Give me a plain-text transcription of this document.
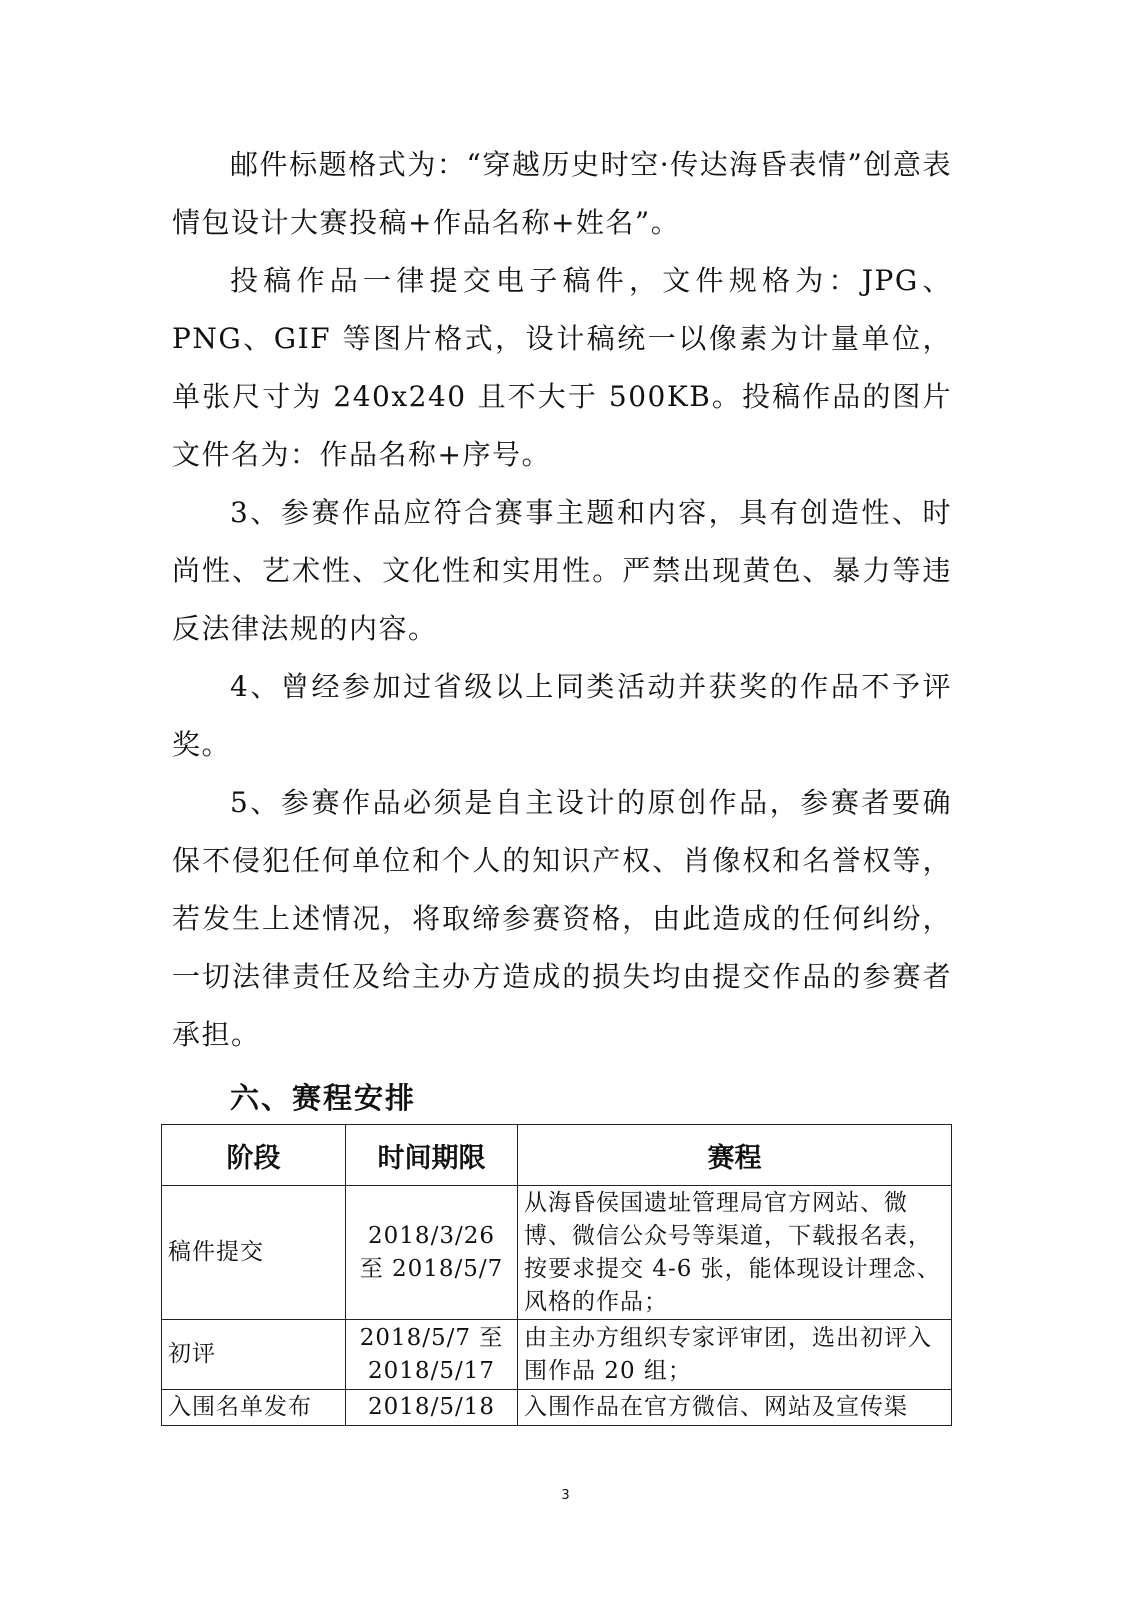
邮件标题格式为：“穿越历史时空·传达海昏表情”创意表情包设计大赛投稿+作品名称+姓名”。

投稿作品一律提交电子稿件，文件规格为：JPG、PNG、GIF 等图片格式，设计稿统一以像素为计量单位，单张尺寸为 240x240 且不大于 500KB。投稿作品的图片文件名为：作品名称+序号。

3、参赛作品应符合赛事主题和内容，具有创造性、时尚性、艺术性、文化性和实用性。严禁出现黄色、暴力等违反法律法规的内容。

4、曾经参加过省级以上同类活动并获奖的作品不予评奖。

5、参赛作品必须是自主设计的原创作品，参赛者要确保不侵犯任何单位和个人的知识产权、肖像权和名誉权等，若发生上述情况，将取缔参赛资格，由此造成的任何纠纷，一切法律责任及给主办方造成的损失均由提交作品的参赛者承担。

六、赛程安排
阶段	时间期限	赛程
稿件提交	2018/3/26 至 2018/5/7	从海昏侯国遗址管理局官方网站、微博、微信公众号等渠道，下载报名表，按要求提交 4-6 张，能体现设计理念、风格的作品；
初评	2018/5/7 至 2018/5/17	由主办方组织专家评审团，选出初评入围作品 20 组；
入围名单发布	2018/5/18	入围作品在官方微信、网站及宣传渠
3
